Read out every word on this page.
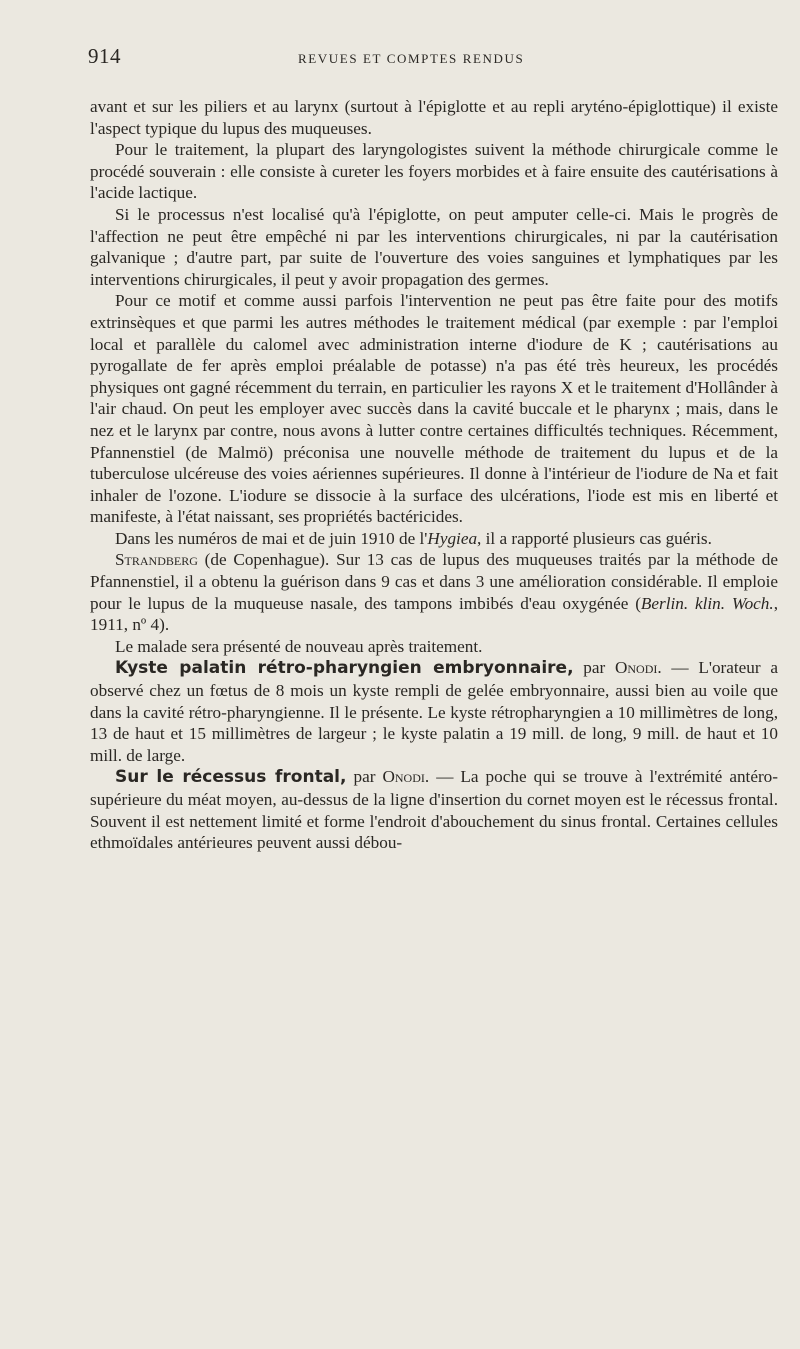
914	REVUES ET COMPTES RENDUS

avant et sur les piliers et au larynx (surtout à l'épiglotte et au repli aryténo-épiglottique) il existe l'aspect typique du lupus des muqueuses.

Pour le traitement, la plupart des laryngologistes suivent la méthode chirurgicale comme le procédé souverain : elle consiste à cureter les foyers morbides et à faire ensuite des cautérisations à l'acide lactique.

Si le processus n'est localisé qu'à l'épiglotte, on peut amputer celle-ci. Mais le progrès de l'affection ne peut être empêché ni par les interventions chirurgicales, ni par la cautérisation galvanique ; d'autre part, par suite de l'ouverture des voies sanguines et lymphatiques par les interventions chirurgicales, il peut y avoir propagation des germes.

Pour ce motif et comme aussi parfois l'intervention ne peut pas être faite pour des motifs extrinsèques et que parmi les autres méthodes le traitement médical (par exemple : par l'emploi local et parallèle du calomel avec administration interne d'iodure de K ; cautérisations au pyrogallate de fer après emploi préalable de potasse) n'a pas été très heureux, les procédés physiques ont gagné récemment du terrain, en particulier les rayons X et le traitement d'Hollânder à l'air chaud. On peut les employer avec succès dans la cavité buccale et le pharynx ; mais, dans le nez et le larynx par contre, nous avons à lutter contre certaines difficultés techniques. Récemment, Pfannenstiel (de Malmö) préconisa une nouvelle méthode de traitement du lupus et de la tuberculose ulcéreuse des voies aériennes supérieures. Il donne à l'intérieur de l'iodure de Na et fait inhaler de l'ozone. L'iodure se dissocie à la surface des ulcérations, l'iode est mis en liberté et manifeste, à l'état naissant, ses propriétés bactéricides.

Dans les numéros de mai et de juin 1910 de l'Hygiea, il a rapporté plusieurs cas guéris.

Strandberg (de Copenhague). Sur 13 cas de lupus des muqueuses traités par la méthode de Pfannenstiel, il a obtenu la guérison dans 9 cas et dans 3 une amélioration considérable. Il emploie pour le lupus de la muqueuse nasale, des tampons imbibés d'eau oxygénée (Berlin. klin. Woch., 1911, nº 4).

Le malade sera présenté de nouveau après traitement.

Kyste palatin rétro-pharyngien embryonnaire, par Onodi. — L'orateur a observé chez un fœtus de 8 mois un kyste rempli de gelée embryonnaire, aussi bien au voile que dans la cavité rétro-pharyngienne. Il le présente. Le kyste rétropharyngien a 10 millimètres de long, 13 de haut et 15 millimètres de largeur ; le kyste palatin a 19 mill. de long, 9 mill. de haut et 10 mill. de large.

Sur le récessus frontal, par Onodi. — La poche qui se trouve à l'extrémité antéro-supérieure du méat moyen, au-dessus de la ligne d'insertion du cornet moyen est le récessus frontal. Souvent il est nettement limité et forme l'endroit d'abouchement du sinus frontal. Certaines cellules ethmoïdales antérieures peuvent aussi débou-
